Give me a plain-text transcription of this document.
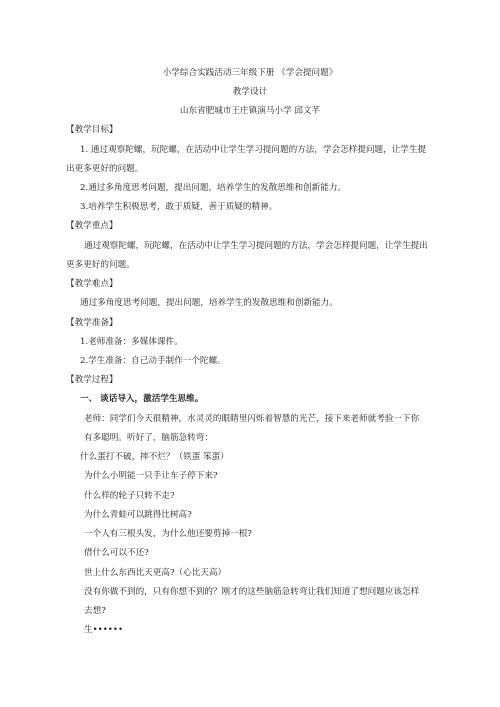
小学综合实践活动三年级下册 《学会提问题》
教学设计
山东省肥城市王庄镇演马小学 邱文芊
【教学目标】
1. 通过观察陀螺，玩陀螺，在活动中让学生学习提问题的方法，学会怎样提问题，让学生提
出更多更好的问题。
2.通过多角度思考问题，提出问题，培养学生的发散思维和创新能力。
3.培养学生积极思考，敢于质疑，善于质疑的精神。
【教学重点】
通过观察陀螺，玩陀螺，在活动中让学生学习提问题的方法，学会怎样提问题，让学生提出
更多更好的问题。
【教学难点】
通过多角度思考问题，提出问题，培养学生的发散思维和创新能力。
【教学准备】
1.老师准备：多媒体课件。
2.学生准备：自己动手制作一个陀螺。
【教学过程】
一、 谈话导入，激活学生思维。
老师：同学们今天很精神，水灵灵的眼睛里闪烁着智慧的光芒，接下来老师就考验一下你
有多聪明。听好了，脑筋急转弯：
什么蛋打不破，摔不烂？（铁蛋 笨蛋）
为什么小明能一只手让车子停下来?
什么样的轮子只转不走?
为什么青蛙可以跳得比树高?
一个人有三根头发，为什么他还要剪掉一根?
借什么可以不还?
世上什么东西比天更高?（心比天高）
没有你做不到的，只有你想不到的？刚才的这些脑筋急转弯让我们知道了想问题应该怎样
去想?
生••••••
